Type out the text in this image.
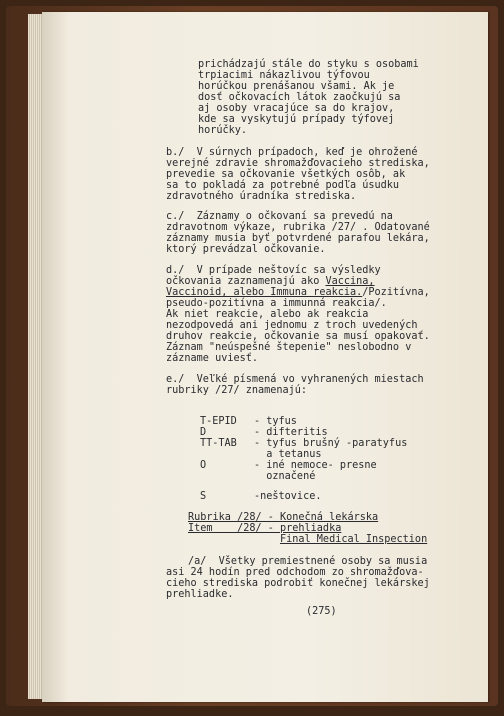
prichádzajú stále do styku s osobami
trpiacimi nákazlivou týfovou
horúčkou prenášanou všami. Ak je
dosť očkovacích látok zaočkujú sa
aj osoby vracajúce sa do krajov,
kde sa vyskytujú prípady týfovej
horúčky.
b./  V súrnych prípadoch, keď je ohrožené
verejné zdravie shromažďovacieho strediska,
prevedie sa očkovanie všetkých osôb, ak
sa to pokladá za potrebné podľa úsudku
zdravotného úradníka strediska.
c./  Záznamy o očkovaní sa prevedú na
zdravotnom výkaze, rubrika /27/ . Odatované
záznamy musia byť potvrdené parafou lekára,
ktorý prevádzal očkovanie.
d./  V prípade neštovíc sa výsledky
očkovania zaznamenajú ako Vaccina,
Vaccinoid, alebo Immuna reakcia./Pozitívna,
pseudo-pozitívna a immunná reakcia/.
Ak niet reakcie, alebo ak reakcia
nezodpovedá ani jednomu z troch uvedených
druhov reakcie, očkovanie sa musí opakovať.
Záznam "neúspešné štepenie" neslobodno v
zázname uviesť.
e./  Veľké písmená vo vyhranených miestach
rubriky /27/ znamenajú:
T-EPID - tyfus
D	- difteritis
TT-TAB - tyfus brušný -paratyfus
a tetanus
O	- iné nemoce- presne
označené
S	-neštovice.
Rubrika /28/ - Konečná lekárska
Item    /28/ - prehliadka
Final Medical Inspection
/a/  Všetky premiestnené osoby sa musia
asi 24 hodín pred odchodom zo shromažďova-
cieho strediska podrobiť konečnej lekárskej
prehliadke.
(275)
